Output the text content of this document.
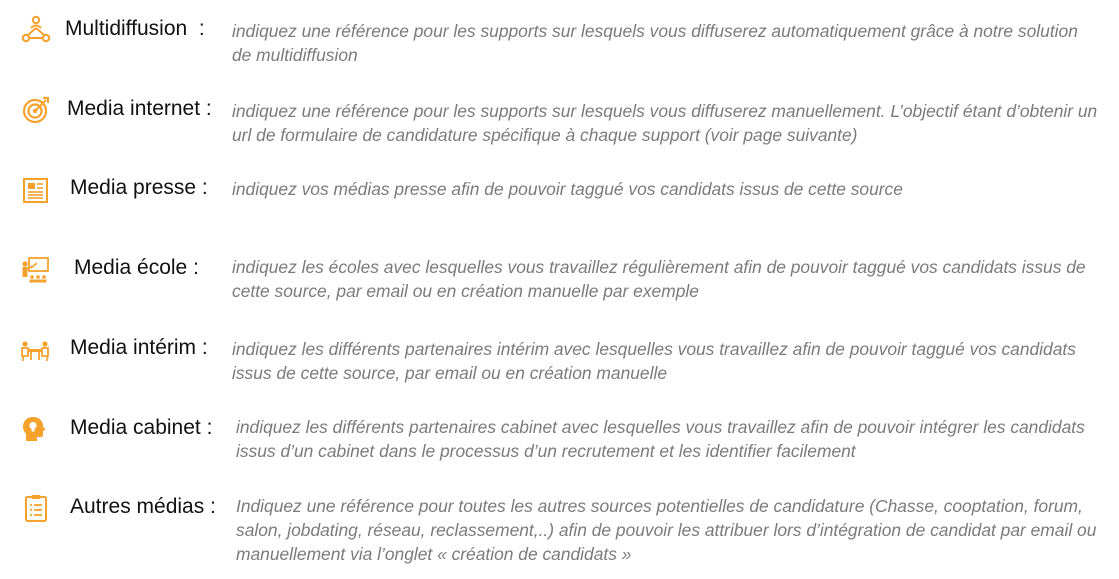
Multidiffusion  : indiquez une référence pour les supports sur lesquels vous diffuserez automatiquement grâce à notre solution de multidiffusion
Media internet : indiquez une référence pour les supports sur lesquels vous diffuserez manuellement. L’objectif étant d’obtenir un url de formulaire de candidature spécifique à chaque support (voir page suivante)
Media presse : indiquez vos médias presse afin de pouvoir taggué vos candidats issus de cette source
Media école : indiquez les écoles avec lesquelles vous travaillez régulièrement afin de pouvoir taggué vos candidats issus de cette source, par email ou en création manuelle par exemple
Media intérim : indiquez les différents partenaires intérim avec lesquelles vous travaillez afin de pouvoir taggué vos candidats issus de cette source, par email ou en création manuelle
Media cabinet : indiquez les différents partenaires cabinet avec lesquelles vous travaillez afin de pouvoir intégrer les candidats issus d’un cabinet dans le processus d’un recrutement et les identifier facilement
Autres médias : Indiquez une référence pour toutes les autres sources potentielles de candidature (Chasse, cooptation, forum, salon, jobdating, réseau, reclassement,..) afin de pouvoir les attribuer lors d’intégration de candidat par email ou manuellement via l’onglet « création de candidats »
